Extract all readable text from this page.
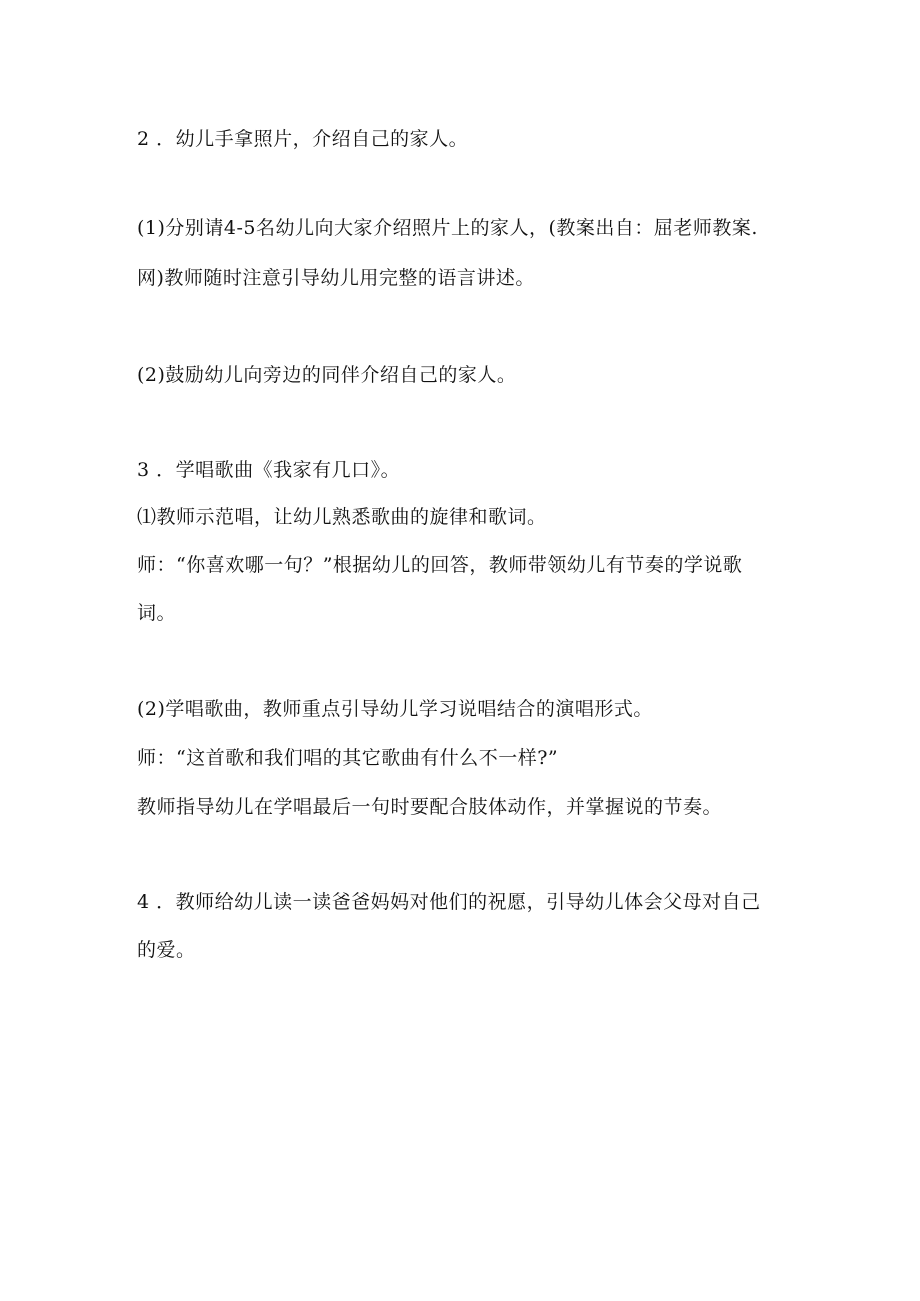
2 ．幼儿手拿照片，介绍自己的家人。
(1)分别请4-5名幼儿向大家介绍照片上的家人，(教案出自：屈老师教案.
网)教师随时注意引导幼儿用完整的语言讲述。
(2)鼓励幼儿向旁边的同伴介绍自己的家人。
3 ．学唱歌曲《我家有几口》。
⑴教师示范唱，让幼儿熟悉歌曲的旋律和歌词。
师：“你喜欢哪一句？”根据幼儿的回答，教师带领幼儿有节奏的学说歌
词。
(2)学唱歌曲，教师重点引导幼儿学习说唱结合的演唱形式。
师：“这首歌和我们唱的其它歌曲有什么不一样?”
教师指导幼儿在学唱最后一句时要配合肢体动作，并掌握说的节奏。
4 ．教师给幼儿读一读爸爸妈妈对他们的祝愿，引导幼儿体会父母对自己
的爱。
